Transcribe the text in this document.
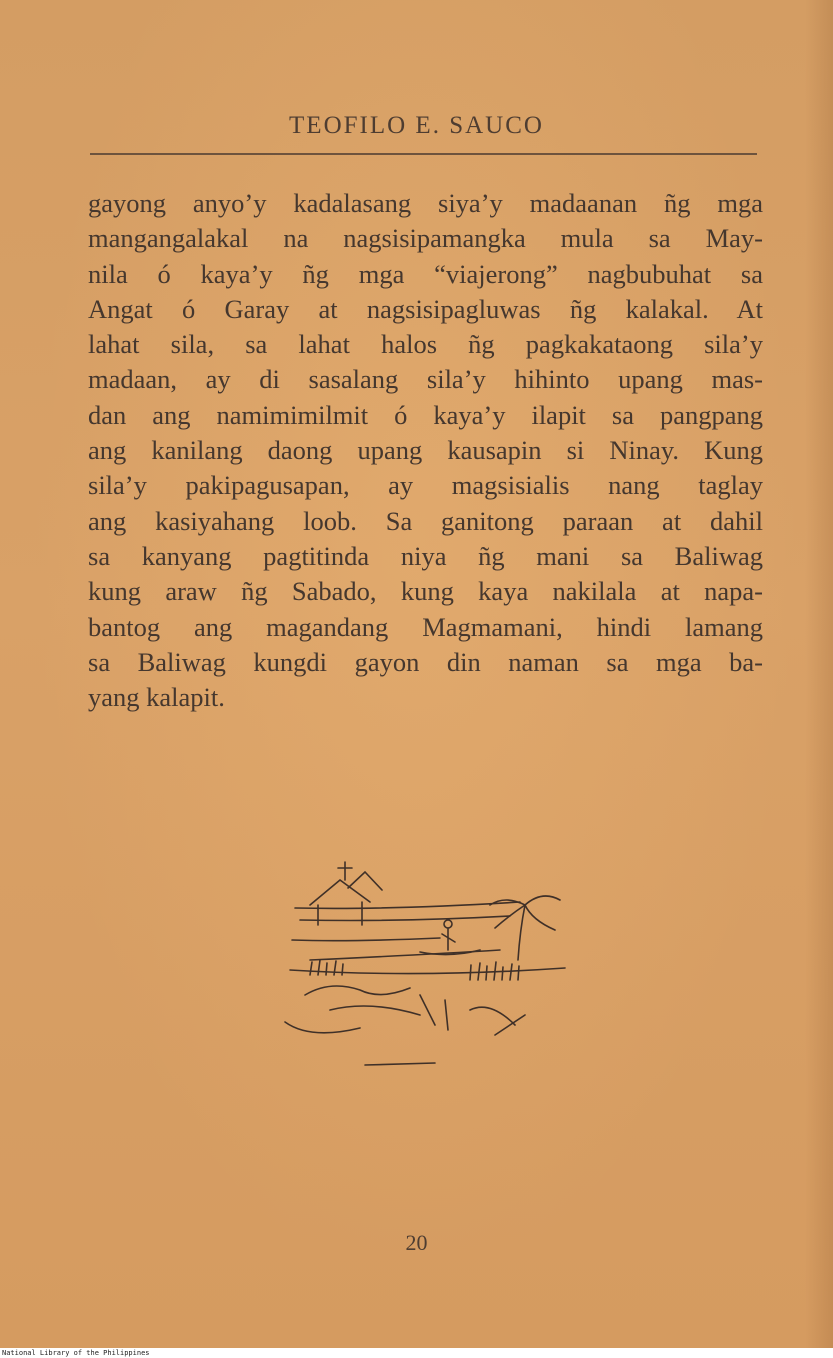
TEOFILO E. SAUCO

gayong anyo’y kadalasang siya’y madaanan ñg mga
mangangalakal na nagsisipamangka mula sa May-
nila ó kaya’y ñg mga “viajerong” nagbubuhat sa
Angat ó Garay at nagsisipagluwas ñg kalakal. At
lahat sila, sa lahat halos ñg pagkakataong sila’y
madaan, ay di sasalang sila’y hihinto upang mas-
dan ang namimimilmit ó kaya’y ilapit sa pangpang
ang kanilang daong upang kausapin si Ninay. Kung
sila’y pakipagusapan, ay magsisialis nang taglay
ang kasiyahang loob. Sa ganitong paraan at dahil
sa kanyang pagtitinda niya ñg mani sa Baliwag
kung araw ñg Sabado, kung kaya nakilala at napa-
bantog ang magandang Magmamani, hindi lamang
sa Baliwag kungdi gayon din naman sa mga ba-
yang kalapit.

20
National Library of the Philippines
